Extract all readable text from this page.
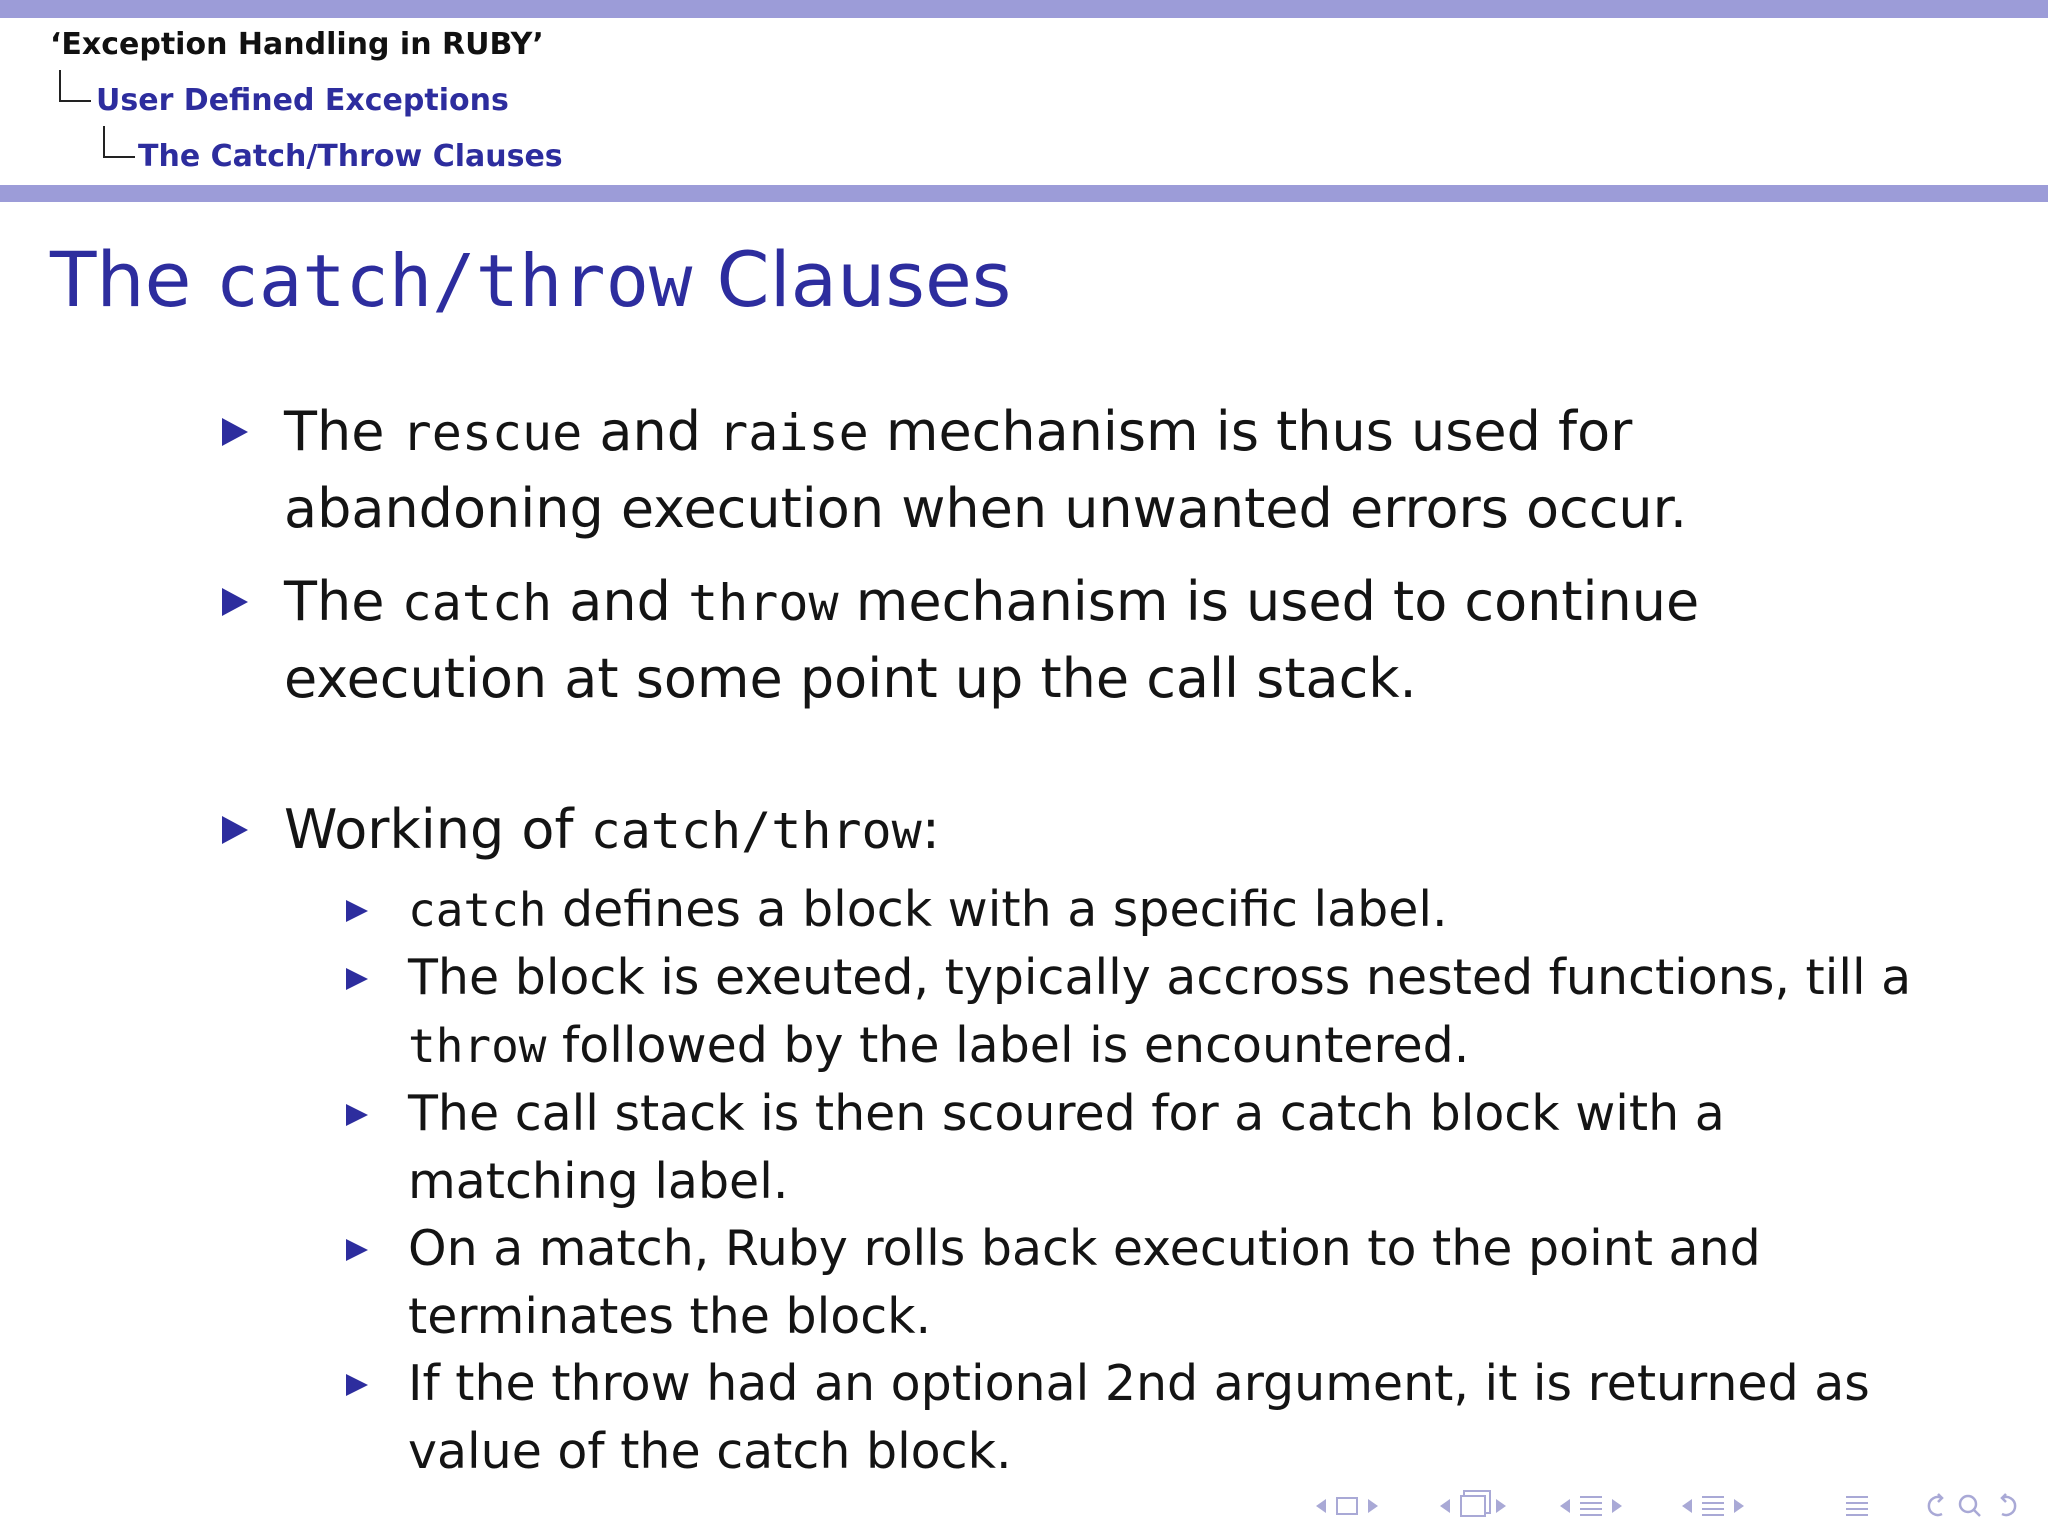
‘Exception Handling in RUBY’
User Defined Exceptions
The Catch/Throw Clauses
The catch/throw Clauses
The rescue and raise mechanism is thus used for
abandoning execution when unwanted errors occur.
The catch and throw mechanism is used to continue
execution at some point up the call stack.
Working of catch/throw:
catch defines a block with a specific label.
The block is exeuted, typically accross nested functions, till a
throw followed by the label is encountered.
The call stack is then scoured for a catch block with a
matching label.
On a match, Ruby rolls back execution to the point and
terminates the block.
If the throw had an optional 2nd argument, it is returned as
value of the catch block.
